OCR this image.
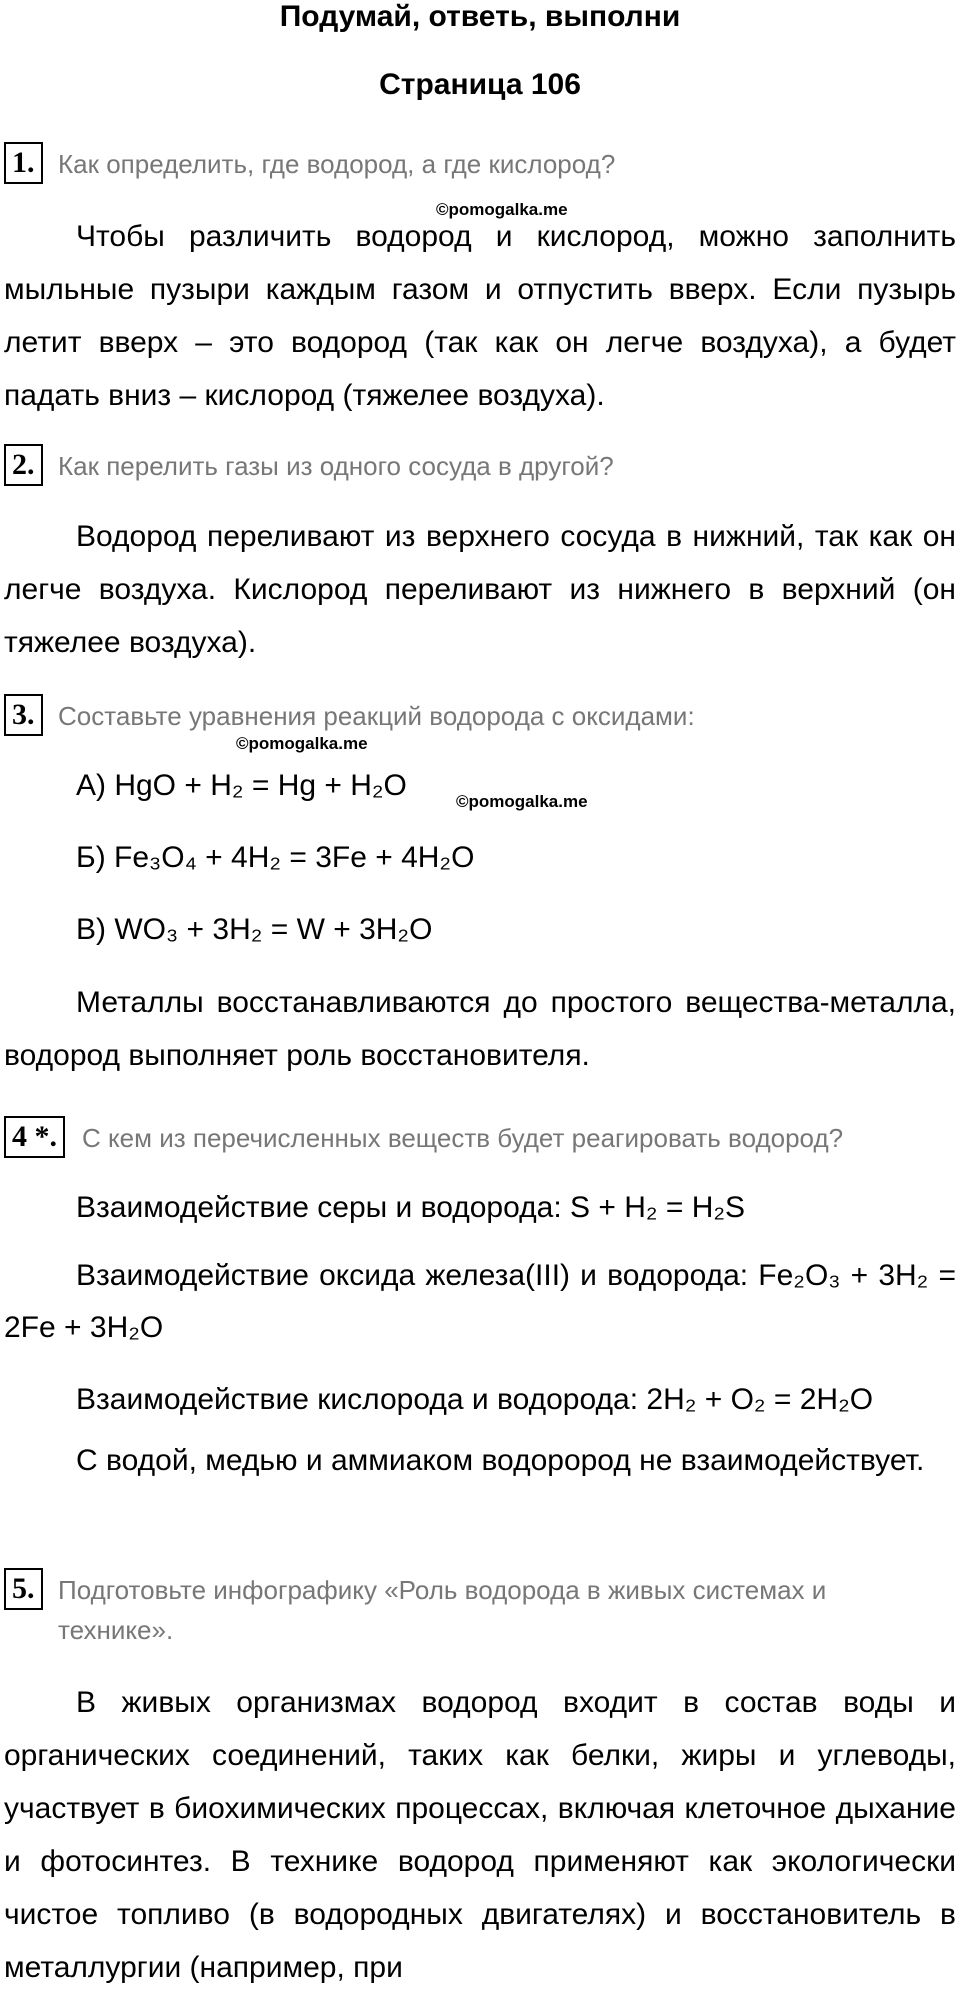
Подумай, ответь, выполни
Страница 106
1. Как определить, где водород, а где кислород?
©pomogalka.me
Чтобы различить водород и кислород, можно заполнить мыльные пузыри каждым газом и отпустить вверх. Если пузырь летит вверх – это водород (так как он легче воздуха), а будет падать вниз – кислород (тяжелее воздуха).
2. Как перелить газы из одного сосуда в другой?
Водород переливают из верхнего сосуда в нижний, так как он легче воздуха. Кислород переливают из нижнего в верхний (он тяжелее воздуха).
3. Составьте уравнения реакций водорода с оксидами:
©pomogalka.me
А) HgO + H₂ = Hg + H₂O	©pomogalka.me
Б) Fe₃O₄ + 4H₂ = 3Fe + 4H₂O
В) WO₃ + 3H₂ = W + 3H₂O
Металлы восстанавливаются до простого вещества-металла, водород выполняет роль восстановителя.
4 *. С кем из перечисленных веществ будет реагировать водород?
Взаимодействие серы и водорода: S + H₂ = H₂S
Взаимодействие оксида железа(III) и водорода: Fe₂O₃ + 3H₂ = 2Fe + 3H₂O
Взаимодействие кислорода и водорода: 2H₂ + O₂ = 2H₂O
С водой, медью и аммиаком водорород не взаимодействует.
5. Подготовьте инфографику «Роль водорода в живых системах и технике».
В живых организмах водород входит в состав воды и органических соединений, таких как белки, жиры и углеводы, участвует в биохимических процессах, включая клеточное дыхание и фотосинтез. В технике водород применяют как экологически чистое топливо (в водородных двигателях) и восстановитель в металлургии (например, при
